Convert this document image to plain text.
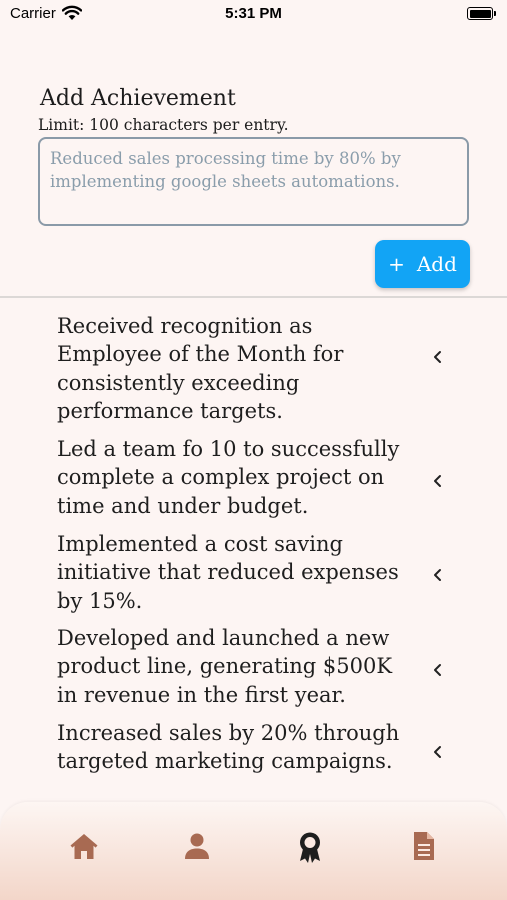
Carrier	5:31 PM
Add Achievement
Limit: 100 characters per entry.
Reduced sales processing time by 80% by implementing google sheets automations.
+ Add
Received recognition as Employee of the Month for consistently exceeding performance targets.
Led a team fo 10 to successfully complete a complex project on time and under budget.
Implemented a cost saving initiative that reduced expenses by 15%.
Developed and launched a new product line, generating $500K in revenue in the first year.
Increased sales by 20% through targeted marketing campaigns.
